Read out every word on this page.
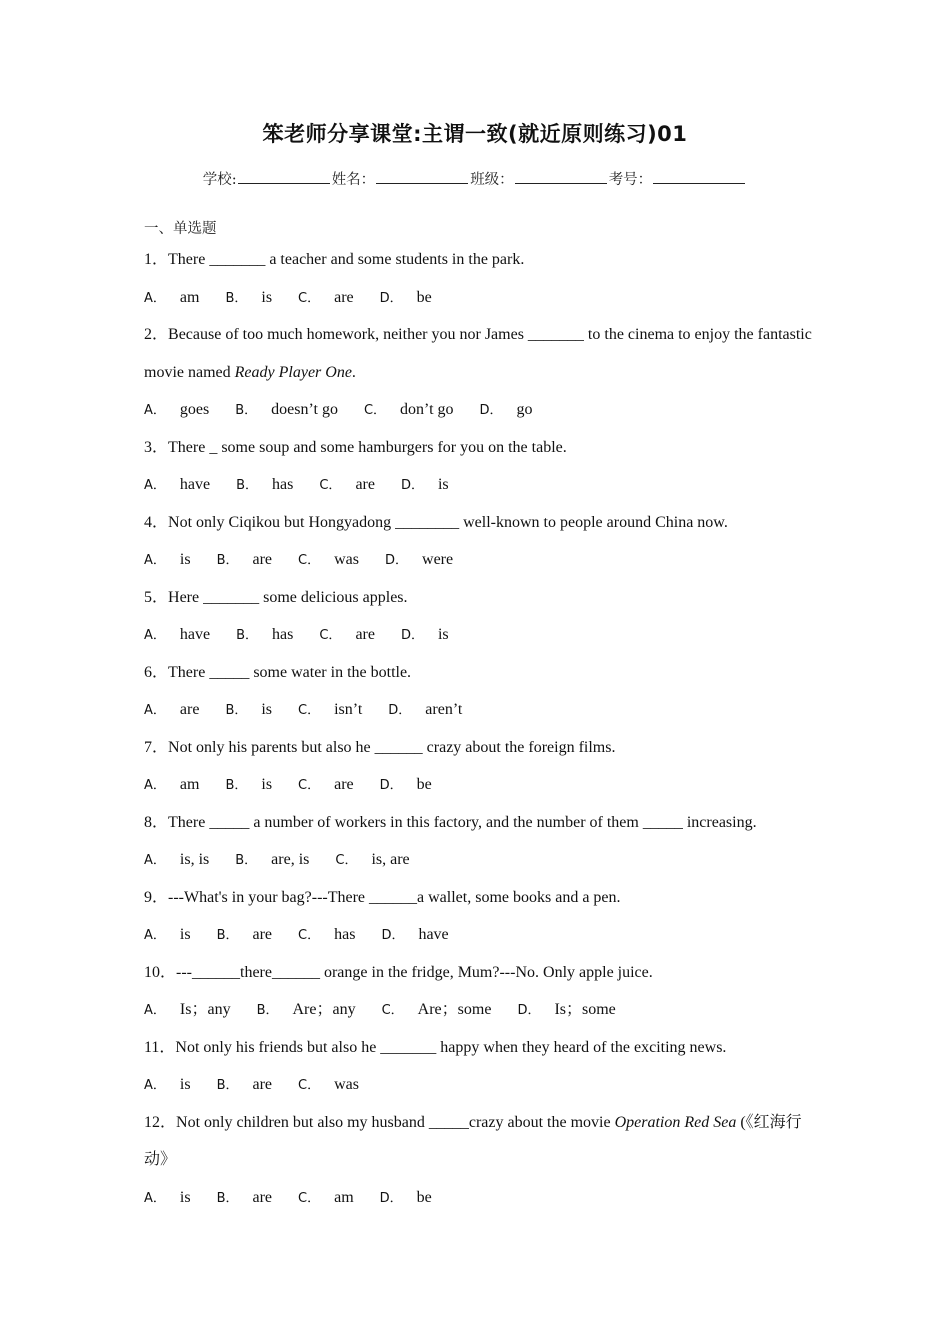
笨老师分享课堂:主谓一致(就近原则练习)01
学校:	姓名：	班级：	考号：
一、单选题
1．There _______ a teacher and some students in the park.
A． am B． is C． are D． be
2．Because of too much homework, neither you nor James _______ to the cinema to enjoy the fantastic movie named Ready Player One.
A． goes B． doesn’t go C． don’t go D． go
3．There _ some soup and some hamburgers for you on the table.
A． have B． has C． are D． is
4．Not only Ciqikou but Hongyadong ________ well-known to people around China now.
A． is B． are C． was D． were
5．Here _______ some delicious apples.
A． have B． has C． are D． is
6．There _____ some water in the bottle.
A． are B． is C． isn’t D． aren’t
7．Not only his parents but also he ______ crazy about the foreign films.
A． am B． is C． are D． be
8．There _____ a number of workers in this factory, and the number of them _____ increasing.
A． is, is B． are, is C． is, are
9．---What's in your bag?---There ______a wallet, some books and a pen.
A． is B． are C． has D． have
10．---______there______ orange in the fridge, Mum?---No. Only apple juice.
A． Is；any B． Are；any C． Are；some D． Is；some
11．Not only his friends but also he _______ happy when they heard of the exciting news.
A． is B． are C． was
12．Not only children but also my husband _____crazy about the movie Operation Red Sea (《红海行动》
A． is B． are C． am D． be
